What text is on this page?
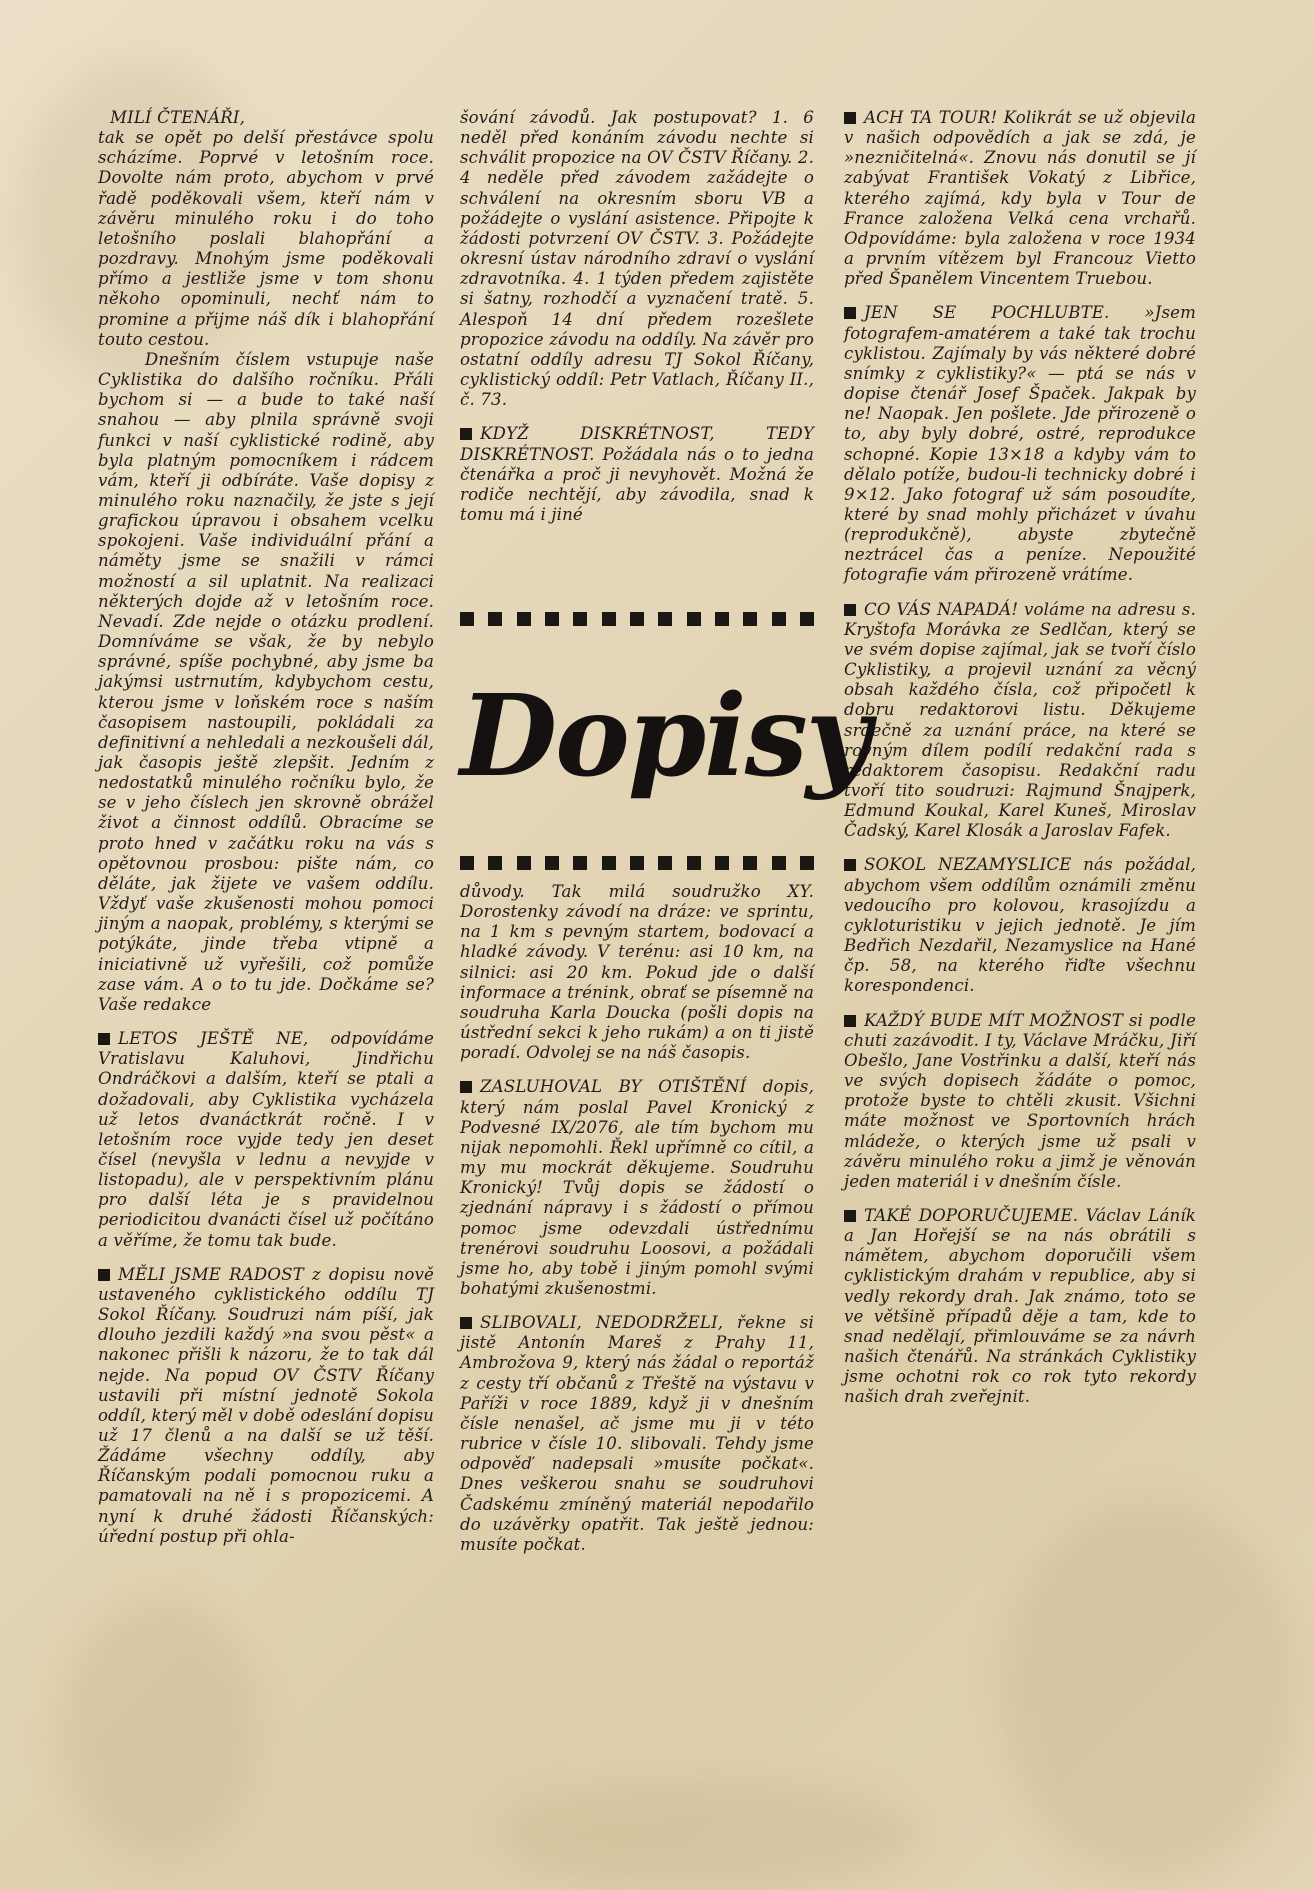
MILÍ ČTENÁŘI,
tak se opět po delší přestávce spolu scházíme. Poprvé v letošním roce. Dovolte nám proto, abychom v prvé řadě poděkovali všem, kteří nám v závěru minulého roku i do toho letošního poslali blahopřání a pozdravy. Mnohým jsme poděkovali přímo a jestliže jsme v tom shonu někoho opominuli, nechť nám to promine a přijme náš dík i blahopřání touto cestou.
Dnešním číslem vstupuje naše Cyklistika do dalšího ročníku. Přáli bychom si — a bude to také naší snahou — aby plnila správně svoji funkci v naší cyklistické rodině, aby byla platným pomocníkem i rádcem vám, kteří ji odbíráte. Vaše dopisy z minulého roku naznačily, že jste s její grafickou úpravou i obsahem vcelku spokojeni. Vaše individuální přání a náměty jsme se snažili v rámci možností a sil uplatnit. Na realizaci některých dojde až v letošním roce. Nevadí. Zde nejde o otázku prodlení. Domníváme se však, že by nebylo správné, spíše pochybné, aby jsme ba jakýmsi ustrnutím, kdybychom cestu, kterou jsme v loňském roce s naším časopisem nastoupili, pokládali za definitivní a nehledali a nezkoušeli dál, jak časopis ještě zlepšit. Jedním z nedostatků minulého ročníku bylo, že se v jeho číslech jen skrovně obrážel život a činnost oddílů. Obracíme se proto hned v začátku roku na vás s opětovnou prosbou: pište nám, co děláte, jak žijete ve vašem oddílu. Vždyť vaše zkušenosti mohou pomoci jiným a naopak, problémy, s kterými se potýkáte, jinde třeba vtipně a iniciativně už vyřešili, což pomůže zase vám. A o to tu jde. Dočkáme se?          Vaše redakce
LETOS JEŠTĚ NE, odpovídáme Vratislavu Kaluhovi, Jindřichu Ondráčkovi a dalším, kteří se ptali a dožadovali, aby Cyklistika vycházela už letos dvanáctkrát ročně. I v letošním roce vyjde tedy jen deset čísel (nevyšla v lednu a nevyjde v listopadu), ale v perspektivním plánu pro další léta je s pravidelnou periodicitou dvanácti čísel už počítáno a věříme, že tomu tak bude.
MĚLI JSME RADOST z dopisu nově ustaveného cyklistického oddílu TJ Sokol Říčany. Soudruzi nám píší, jak dlouho jezdili každý »na svou pěst« a nakonec přišli k názoru, že to tak dál nejde. Na popud OV ČSTV Říčany ustavili při místní jednotě Sokola oddíl, který měl v době odeslání dopisu už 17 členů a na další se už těší. Žádáme všechny oddíly, aby Říčanským podali pomocnou ruku a pamatovali na ně i s propozicemi. A nyní k druhé žádosti Říčanských: úřední postup při ohla-
šování závodů. Jak postupovat? 1. 6 neděl před konáním závodu nechte si schválit propozice na OV ČSTV Říčany. 2. 4 neděle před závodem zažádejte o schválení na okresním sboru VB a požádejte o vyslání asistence. Připojte k žádosti potvrzení OV ČSTV. 3. Požádejte okresní ústav národního zdraví o vyslání zdravotníka. 4. 1 týden předem zajistěte si šatny, rozhodčí a vyznačení tratě. 5. Alespoň 14 dní předem rozešlete propozice závodu na oddíly. Na závěr pro ostatní oddíly adresu TJ Sokol Říčany, cyklistický oddíl: Petr Vatlach, Říčany II., č. 73.
KDYŽ DISKRÉTNOST, TEDY DISKRÉTNOST. Požádala nás o to jedna čtenářka a proč ji nevyhovět. Možná že rodiče nechtějí, aby závodila, snad k tomu má i jiné
důvody. Tak milá soudružko XY. Dorostenky závodí na dráze: ve sprintu, na 1 km s pevným startem, bodovací a hladké závody. V terénu: asi 10 km, na silnici: asi 20 km. Pokud jde o další informace a trénink, obrať se písemně na soudruha Karla Doucka (pošli dopis na ústřední sekci k jeho rukám) a on ti jistě poradí. Odvolej se na náš časopis.
ZASLUHOVAL BY OTIŠTĚNÍ dopis, který nám poslal Pavel Kronický z Podvesné IX/2076, ale tím bychom mu nijak nepomohli. Řekl upřímně co cítil, a my mu mockrát děkujeme. Soudruhu Kronický! Tvůj dopis se žádostí o zjednání nápravy i s žádostí o přímou pomoc jsme odevzdali ústřednímu trenérovi soudruhu Loosovi, a požádali jsme ho, aby tobě i jiným pomohl svými bohatými zkušenostmi.
SLIBOVALI, NEDODRŽELI, řekne si jistě Antonín Mareš z Prahy 11, Ambrožova 9, který nás žádal o reportáž z cesty tří občanů z Třeště na výstavu v Paříži v roce 1889, když ji v dnešním čísle nenašel, ač jsme mu ji v této rubrice v čísle 10. slibovali. Tehdy jsme odpověď nadepsali »musíte počkat«. Dnes veškerou snahu se soudruhovi Čadskému zmíněný materiál nepodařilo do uzávěrky opatřit. Tak ještě jednou: musíte počkat.
ACH TA TOUR! Kolikrát se už objevila v našich odpovědích a jak se zdá, je »nezničitelná«. Znovu nás donutil se jí zabývat František Vokatý z Libřice, kterého zajímá, kdy byla v Tour de France založena Velká cena vrchařů. Odpovídáme: byla založena v roce 1934 a prvním vítězem byl Francouz Vietto před Španělem Vincentem Truebou.
JEN SE POCHLUBTE. »Jsem fotografem-amatérem a také tak trochu cyklistou. Zajímaly by vás některé dobré snímky z cyklistiky?« — ptá se nás v dopise čtenář Josef Špaček. Jakpak by ne! Naopak. Jen pošlete. Jde přirozeně o to, aby byly dobré, ostré, reprodukce schopné. Kopie 13×18 a kdyby vám to dělalo potíže, budou-li technicky dobré i 9×12. Jako fotograf už sám posoudíte, které by snad mohly přicházet v úvahu (reprodukčně), abyste zbytečně neztrácel čas a peníze. Nepoužité fotografie vám přirozeně vrátíme.
CO VÁS NAPADÁ! voláme na adresu s. Kryštofa Morávka ze Sedlčan, který se ve svém dopise zajímal, jak se tvoří číslo Cyklistiky, a projevil uznání za věcný obsah každého čísla, což připočetl k dobru redaktorovi listu. Děkujeme srdečně za uznání práce, na které se rovným dílem podílí redakční rada s redaktorem časopisu. Redakční radu tvoří tito soudruzi: Rajmund Šnajperk, Edmund Koukal, Karel Kuneš, Miroslav Čadský, Karel Klosák a Jaroslav Fafek.
SOKOL NEZAMYSLICE nás požádal, abychom všem oddílům oznámili změnu vedoucího pro kolovou, krasojízdu a cykloturistiku v jejich jednotě. Je jím Bedřich Nezdařil, Nezamyslice na Hané čp. 58, na kterého řiďte všechnu korespondenci.
KAŽDÝ BUDE MÍT MOŽNOST si podle chuti zazávodit. I ty, Václave Mráčku, Jiří Obešlo, Jane Vostřinku a další, kteří nás ve svých dopisech žádáte o pomoc, protože byste to chtěli zkusit. Všichni máte možnost ve Sportovních hrách mládeže, o kterých jsme už psali v závěru minulého roku a jimž je věnován jeden materiál i v dnešním čísle.
TAKÉ DOPORUČUJEME. Václav Láník a Jan Hořejší se na nás obrátili s námětem, abychom doporučili všem cyklistickým drahám v republice, aby si vedly rekordy drah. Jak známo, toto se ve většině případů děje a tam, kde to snad nedělají, přimlouváme se za návrh našich čtenářů. Na stránkách Cyklistiky jsme ochotni rok co rok tyto rekordy našich drah zveřejnit.
Dopisy
